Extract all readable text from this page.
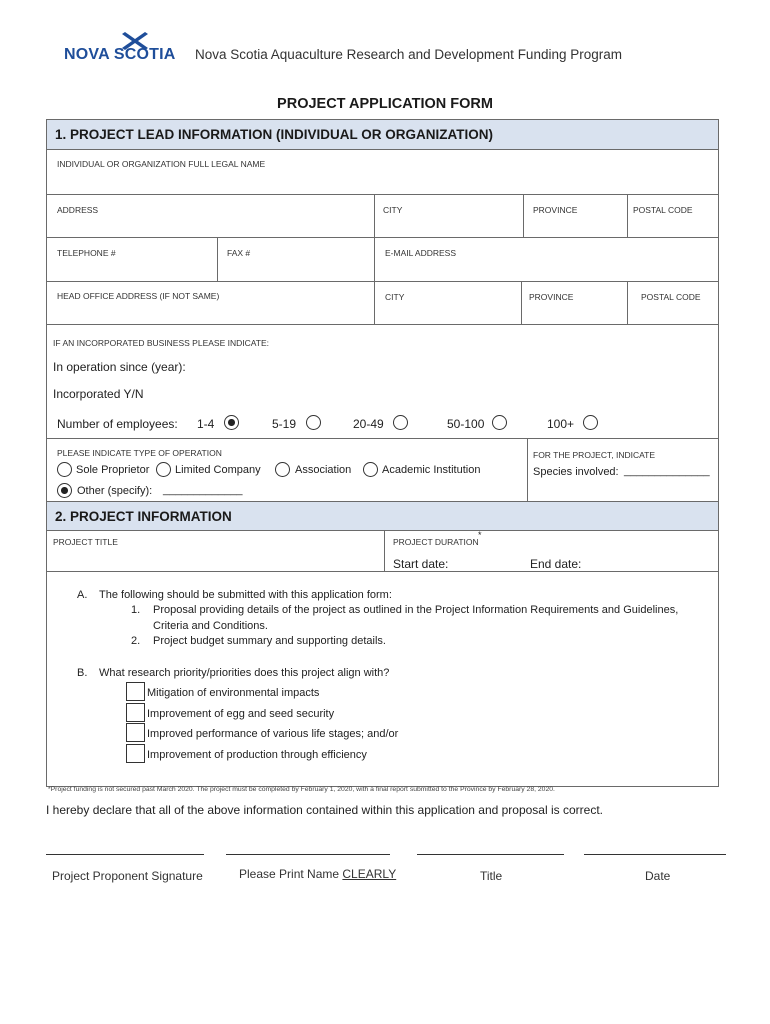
NOVA SCOTIA Nova Scotia Aquaculture Research and Development Funding Program
PROJECT APPLICATION FORM
1. PROJECT LEAD INFORMATION (INDIVIDUAL OR ORGANIZATION)
INDIVIDUAL OR ORGANIZATION FULL LEGAL NAME
ADDRESS	CITY	PROVINCE	POSTAL CODE
TELEPHONE #	FAX #	E-MAIL ADDRESS
HEAD OFFICE ADDRESS (IF NOT SAME)	CITY	PROVINCE	POSTAL CODE
IF AN INCORPORATED BUSINESS PLEASE INDICATE:
In operation since (year):
Incorporated Y/N
Number of employees: 1-4	5-19	20-49	50-100	100+
PLEASE INDICATE TYPE OF OPERATION
Sole Proprietor Limited Company	Association	Academic Institution
Other (specify): _____________
FOR THE PROJECT, INDICATE
Species involved: ______________
2. PROJECT INFORMATION
PROJECT TITLE	PROJECT DURATION
*
Start date:	End date:
A. The following should be submitted with this application form:
1. Proposal providing details of the project as outlined in the Project Information Requirements and Guidelines,
Criteria and Conditions.
2. Project budget summary and supporting details.
B. What research priority/priorities does this project align with?
Mitigation of environmental impacts
Improvement of egg and seed security
Improved performance of various life stages; and/or
Improvement of production through efficiency
*Project funding is not secured past March 2020. The project must be completed by February 1, 2020, with a final report submitted to the Province by February 28, 2020.
I hereby declare that all of the above information contained within this application and proposal is correct.
Project Proponent Signature	Please Print Name CLEARLY	Title	Date
